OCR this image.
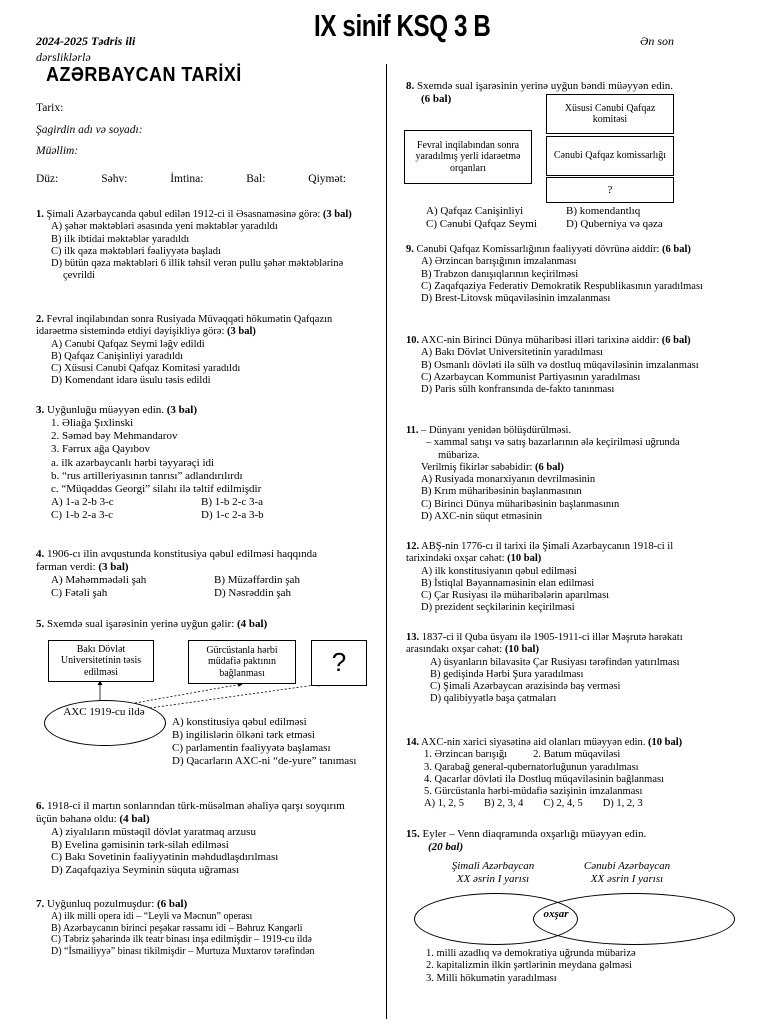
2024-2025 Tədris ili	IX sinif KSQ 3 B	Ən son
dərsliklərlə
AZƏRBAYCAN TARİXİ
Tarix:
Şagirdin adı və soyadı:
Müəllim:
Düz:	Səhv:	İmtina:	Bal:	Qiymət:

1. Şimali Azərbaycanda qəbul edilən 1912-ci il Əsasnaməsinə görə: (3 bal)

A) şəhər məktəbləri əsasında yeni məktəblər yaradıldı

B) ilk ibtidai məktəblər yaradıldı

C) ilk qəza məktəbləri fəaliyyətə başladı

D) bütün qəza məktəbləri 6 illik təhsil verən pullu şəhər məktəblərinə çevrildi

2. Fevral inqilabından sonra Rusiyada Müvəqqəti hökumətin Qafqazın idarəetmə sistemində etdiyi dəyişikliyə görə: (3 bal)

A) Cənubi Qafqaz Seymi ləğv edildi

B) Qafqaz Canişinliyi yaradıldı

C) Xüsusi Cənubi Qafqaz Komitəsi yaradıldı

D) Komendant idarə üsulu təsis edildi

3. Uyğunluğu müəyyən edin. (3 bal)

1. Əliağa Şıxlinski

2. Səməd bəy Mehmandarov

3. Fərrux ağa Qayıbov

a. ilk azərbaycanlı hərbi təyyarəçi idi

b. “rus artilleriyasının tanrısı” adlandırılırdı

c. “Müqəddəs Georgi” silahı ilə təltif edilmişdir

A) 1-a 2-b 3-c	B) 1-b 2-c 3-a

C) 1-b 2-a 3-c	D) 1-c 2-a 3-b

4. 1906-cı ilin avqustunda konstitusiya qəbul edilməsi haqqında fərman verdi: (3 bal)

A) Məhəmmədəli şah	B) Müzəffərdin şah

C) Fətəli şah	D) Nəsrəddin şah

5. Sxemdə sual işarəsinin yerinə uyğun gəlir: (4 bal)

Bakı Dövlət Universitetinin təsis edilməsi
Gürcüstanla hərbi müdafiə paktının bağlanması	?
AXC 1919-cu ildə

A) konstitusiya qəbul edilməsi

B) ingilislərin ölkəni tərk etməsi

C) parlamentin fəaliyyətə başlaması

D) Qacarların AXC-ni “de-yure” tanıması

6. 1918-ci il martın sonlarından türk-müsəlman əhaliyə qarşı soyqırım üçün bəhanə oldu: (4 bal)

A) ziyalıların müstəqil dövlət yaratmaq arzusu

B) Evelina gəmisinin tərk-silah edilməsi

C) Bakı Sovetinin fəaliyyətinin məhdudlaşdırılması

D) Zaqafqaziya Seyminin süquta uğraması

7. Uyğunluq pozulmuşdur: (6 bal)

A) ilk milli opera idi – “Leyli və Məcnun” operası

B) Azərbaycanın birinci peşəkar rəssamı idi – Bəhruz Kəngərli

C) Təbriz şəhərində ilk teatr binası inşa edilmişdir – 1919-cu ildə

D) “İsmailiyyə” binası tikilmişdir – Murtuza Muxtarov tərəfindən

8. Sxemdə sual işarəsinin yerinə uyğun bəndi müəyyən edin.

(6 bal)

Xüsusi Cənubi Qafqaz komitəsi
Fevral inqilabından sonra yaradılmış yerli idarəetmə orqanları
Cənubi Qafqaz komissarlığı
?

A) Qafqaz Canişinliyi	B) komendantlıq

C) Cənubi Qafqaz Seymi	D) Quberniya və qəza

9. Cənubi Qafqaz Komissarlığının fəaliyyəti dövrünə aiddir: (6 bal)

A) Ərzincan barışığının imzalanması

B) Trabzon danışıqlarının keçirilməsi

C) Zaqafqaziya Federativ Demokratik Respublikasının yaradılması

D) Brest-Litovsk müqaviləsinin imzalanması

10. AXC-nin Birinci Dünya müharibəsi illəri tarixinə aiddir: (6 bal)

A) Bakı Dövlət Universitetinin yaradılması

B) Osmanlı dövləti ilə sülh və dostluq müqaviləsinin imzalanması

C) Azərbaycan Kommunist Partiyasının yaradılması

D) Paris sülh konfransında de-fakto tanınması

11. – Dünyanı yenidən bölüşdürülməsi.

– xammal satışı və satış bazarlarının ələ keçirilməsi uğrunda mübarizə.

Verilmiş fikirlər səbəbidir: (6 bal)

A) Rusiyada monarxiyanın devrilməsinin

B) Krım müharibəsinin başlanmasının

C) Birinci Dünya müharibəsinin başlanmasının

D) AXC-nin süqut etməsinin

12. ABŞ-nin 1776-cı il tarixi ilə Şimali Azərbaycanın 1918-ci il tarixindəki oxşar cəhət: (10 bal)

A) ilk konstitusiyanın qəbul edilməsi

B) İstiqlal Bəyannaməsinin elan edilməsi

C) Çar Rusiyası ilə müharibələrin aparılması

D) prezident seçkilərinin keçirilməsi

13. 1837-ci il Quba üsyanı ilə 1905-1911-ci illər Məşrutə hərəkatı arasındakı oxşar cəhət: (10 bal)

A) üsyanların bilavasitə Çar Rusiyası tərəfindən yatırılması

B) gedişində Hərbi Şura yaradılması

C) Şimali Azərbaycan ərazisində baş verməsi

D) qalibiyyətlə başa çatmaları

14. AXC-nin xarici siyasətinə aid olanları müəyyən edin. (10 bal)

1. Ərzincan barışığı 2. Batum müqaviləsi

3. Qarabağ general-qubernatorluğunun yaradılması

4. Qacarlar dövləti ilə Dostluq müqaviləsinin bağlanması

5. Gürcüstanla hərbi-müdafiə sazişinin imzalanması

A) 1, 2, 5 B) 2, 3, 4 C) 2, 4, 5 D) 1, 2, 3

15. Eyler – Venn diaqramında oxşarlığı müəyyən edin.

(20 bal)

Şimali Azərbaycan
XX əsrin I yarısı
Cənubi Azərbaycan
XX əsrin I yarısı
oxşar

1. milli azadlıq və demokratiya uğrunda mübarizə

2. kapitalizmin ilkin şərtlərinin meydana gəlməsi

3. Milli hökumətin yaradılması
